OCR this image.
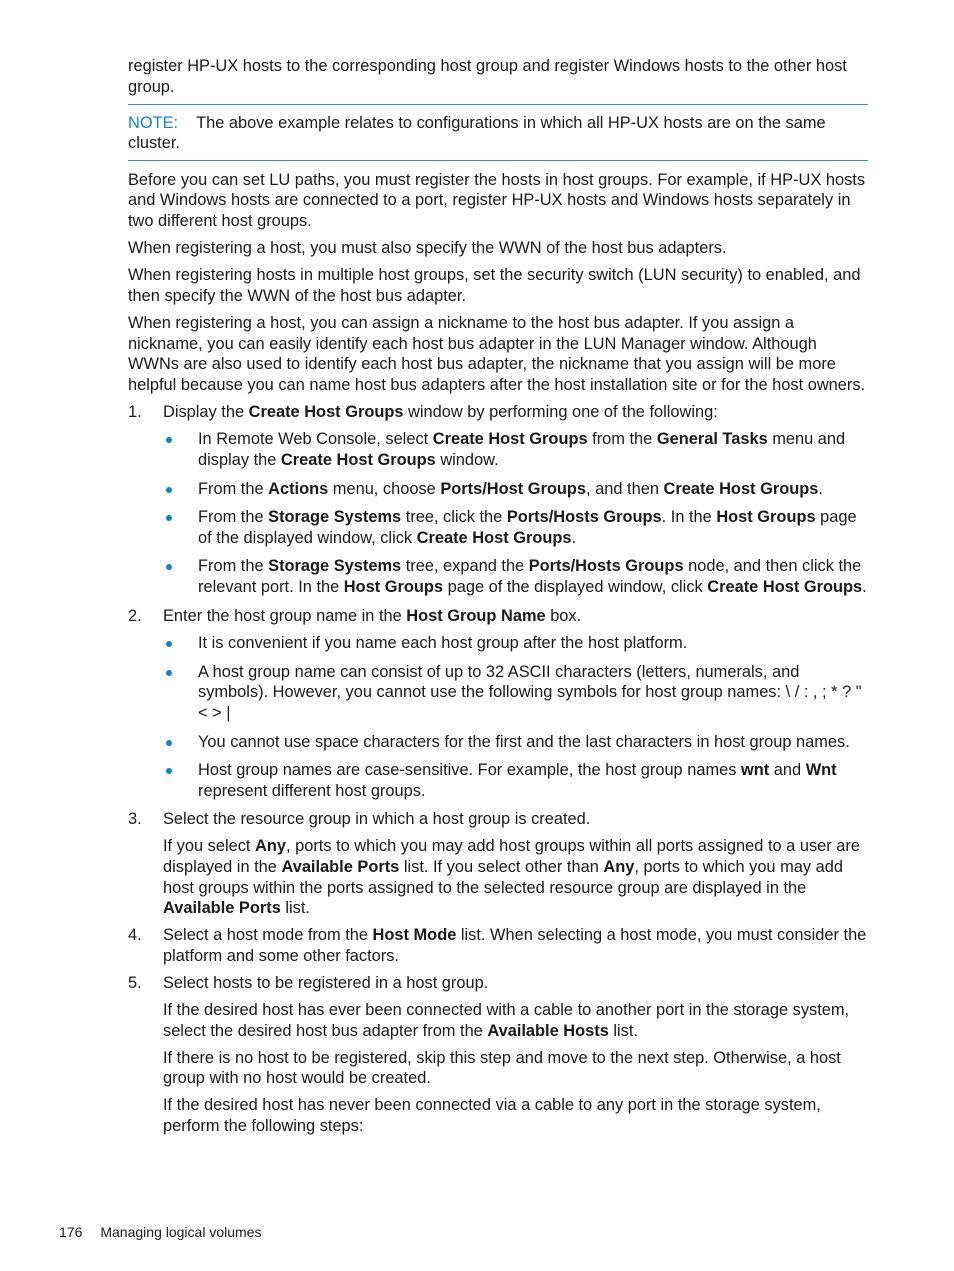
register HP-UX hosts to the corresponding host group and register Windows hosts to the other host group.

NOTE: The above example relates to configurations in which all HP-UX hosts are on the same cluster.

Before you can set LU paths, you must register the hosts in host groups. For example, if HP-UX hosts and Windows hosts are connected to a port, register HP-UX hosts and Windows hosts separately in two different host groups.

When registering a host, you must also specify the WWN of the host bus adapters.

When registering hosts in multiple host groups, set the security switch (LUN security) to enabled, and then specify the WWN of the host bus adapter.

When registering a host, you can assign a nickname to the host bus adapter. If you assign a nickname, you can easily identify each host bus adapter in the LUN Manager window. Although WWNs are also used to identify each host bus adapter, the nickname that you assign will be more helpful because you can name host bus adapters after the host installation site or for the host owners.

1. Display the Create Host Groups window by performing one of the following:

In Remote Web Console, select Create Host Groups from the General Tasks menu and display the Create Host Groups window.
From the Actions menu, choose Ports/Host Groups, and then Create Host Groups.
From the Storage Systems tree, click the Ports/Hosts Groups. In the Host Groups page of the displayed window, click Create Host Groups.
From the Storage Systems tree, expand the Ports/Hosts Groups node, and then click the relevant port. In the Host Groups page of the displayed window, click Create Host Groups.
2. Enter the host group name in the Host Group Name box.

It is convenient if you name each host group after the host platform.
A host group name can consist of up to 32 ASCII characters (letters, numerals, and symbols). However, you cannot use the following symbols for host group names: \ / : , ; * ? " < > |
You cannot use space characters for the first and the last characters in host group names.
Host group names are case-sensitive. For example, the host group names wnt and Wnt represent different host groups.
3. Select the resource group in which a host group is created.

If you select Any, ports to which you may add host groups within all ports assigned to a user are displayed in the Available Ports list. If you select other than Any, ports to which you may add host groups within the ports assigned to the selected resource group are displayed in the Available Ports list.

4. Select a host mode from the Host Mode list. When selecting a host mode, you must consider the platform and some other factors.

5. Select hosts to be registered in a host group.

If the desired host has ever been connected with a cable to another port in the storage system, select the desired host bus adapter from the Available Hosts list.

If there is no host to be registered, skip this step and move to the next step. Otherwise, a host group with no host would be created.

If the desired host has never been connected via a cable to any port in the storage system, perform the following steps:

176 Managing logical volumes
